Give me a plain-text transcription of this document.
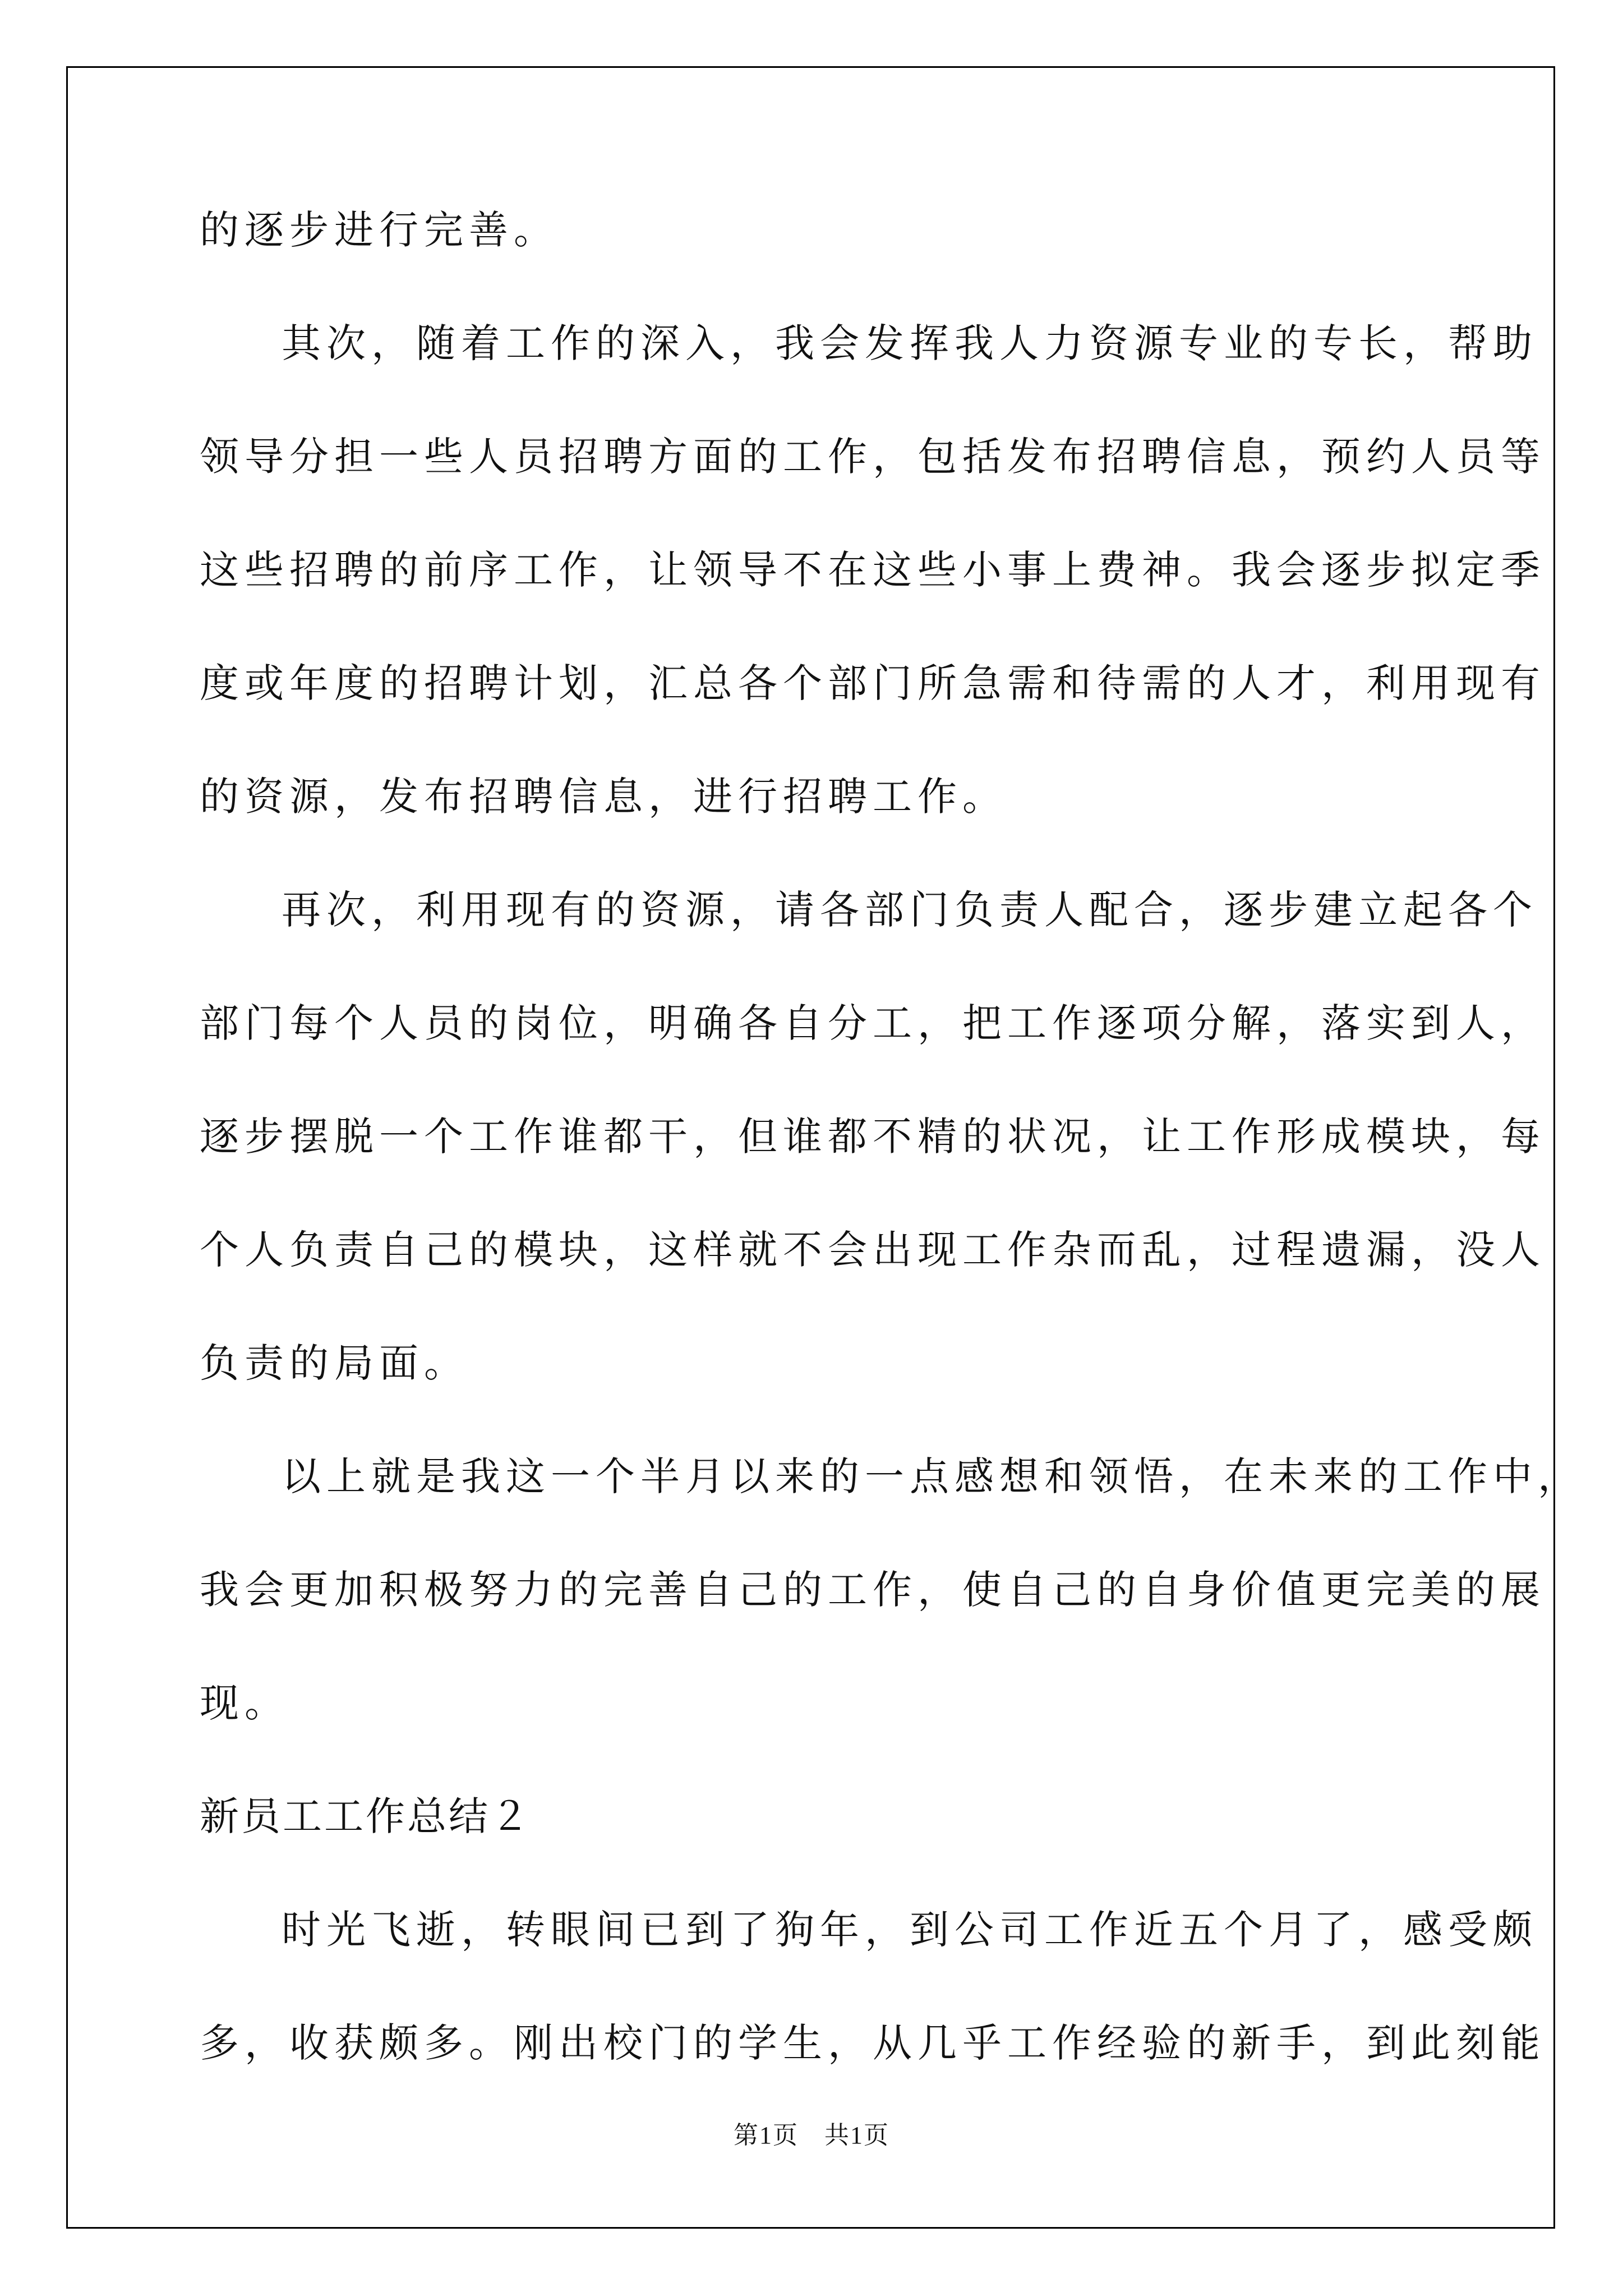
的逐步进行完善。

其次，随着工作的深入，我会发挥我人力资源专业的专长，帮助

领导分担一些人员招聘方面的工作，包括发布招聘信息，预约人员等

这些招聘的前序工作，让领导不在这些小事上费神。我会逐步拟定季

度或年度的招聘计划，汇总各个部门所急需和待需的人才，利用现有

的资源，发布招聘信息，进行招聘工作。

再次，利用现有的资源，请各部门负责人配合，逐步建立起各个

部门每个人员的岗位，明确各自分工，把工作逐项分解，落实到人，

逐步摆脱一个工作谁都干，但谁都不精的状况，让工作形成模块，每

个人负责自己的模块，这样就不会出现工作杂而乱，过程遗漏，没人

负责的局面。

以上就是我这一个半月以来的一点感想和领悟，在未来的工作中，

我会更加积极努力的完善自己的工作，使自己的自身价值更完美的展

现。

新员工工作总结２

时光飞逝，转眼间已到了狗年，到公司工作近五个月了，感受颇

第1页　共1页

多，收获颇多。刚出校门的学生，从几乎工作经验的新手，到此刻能
